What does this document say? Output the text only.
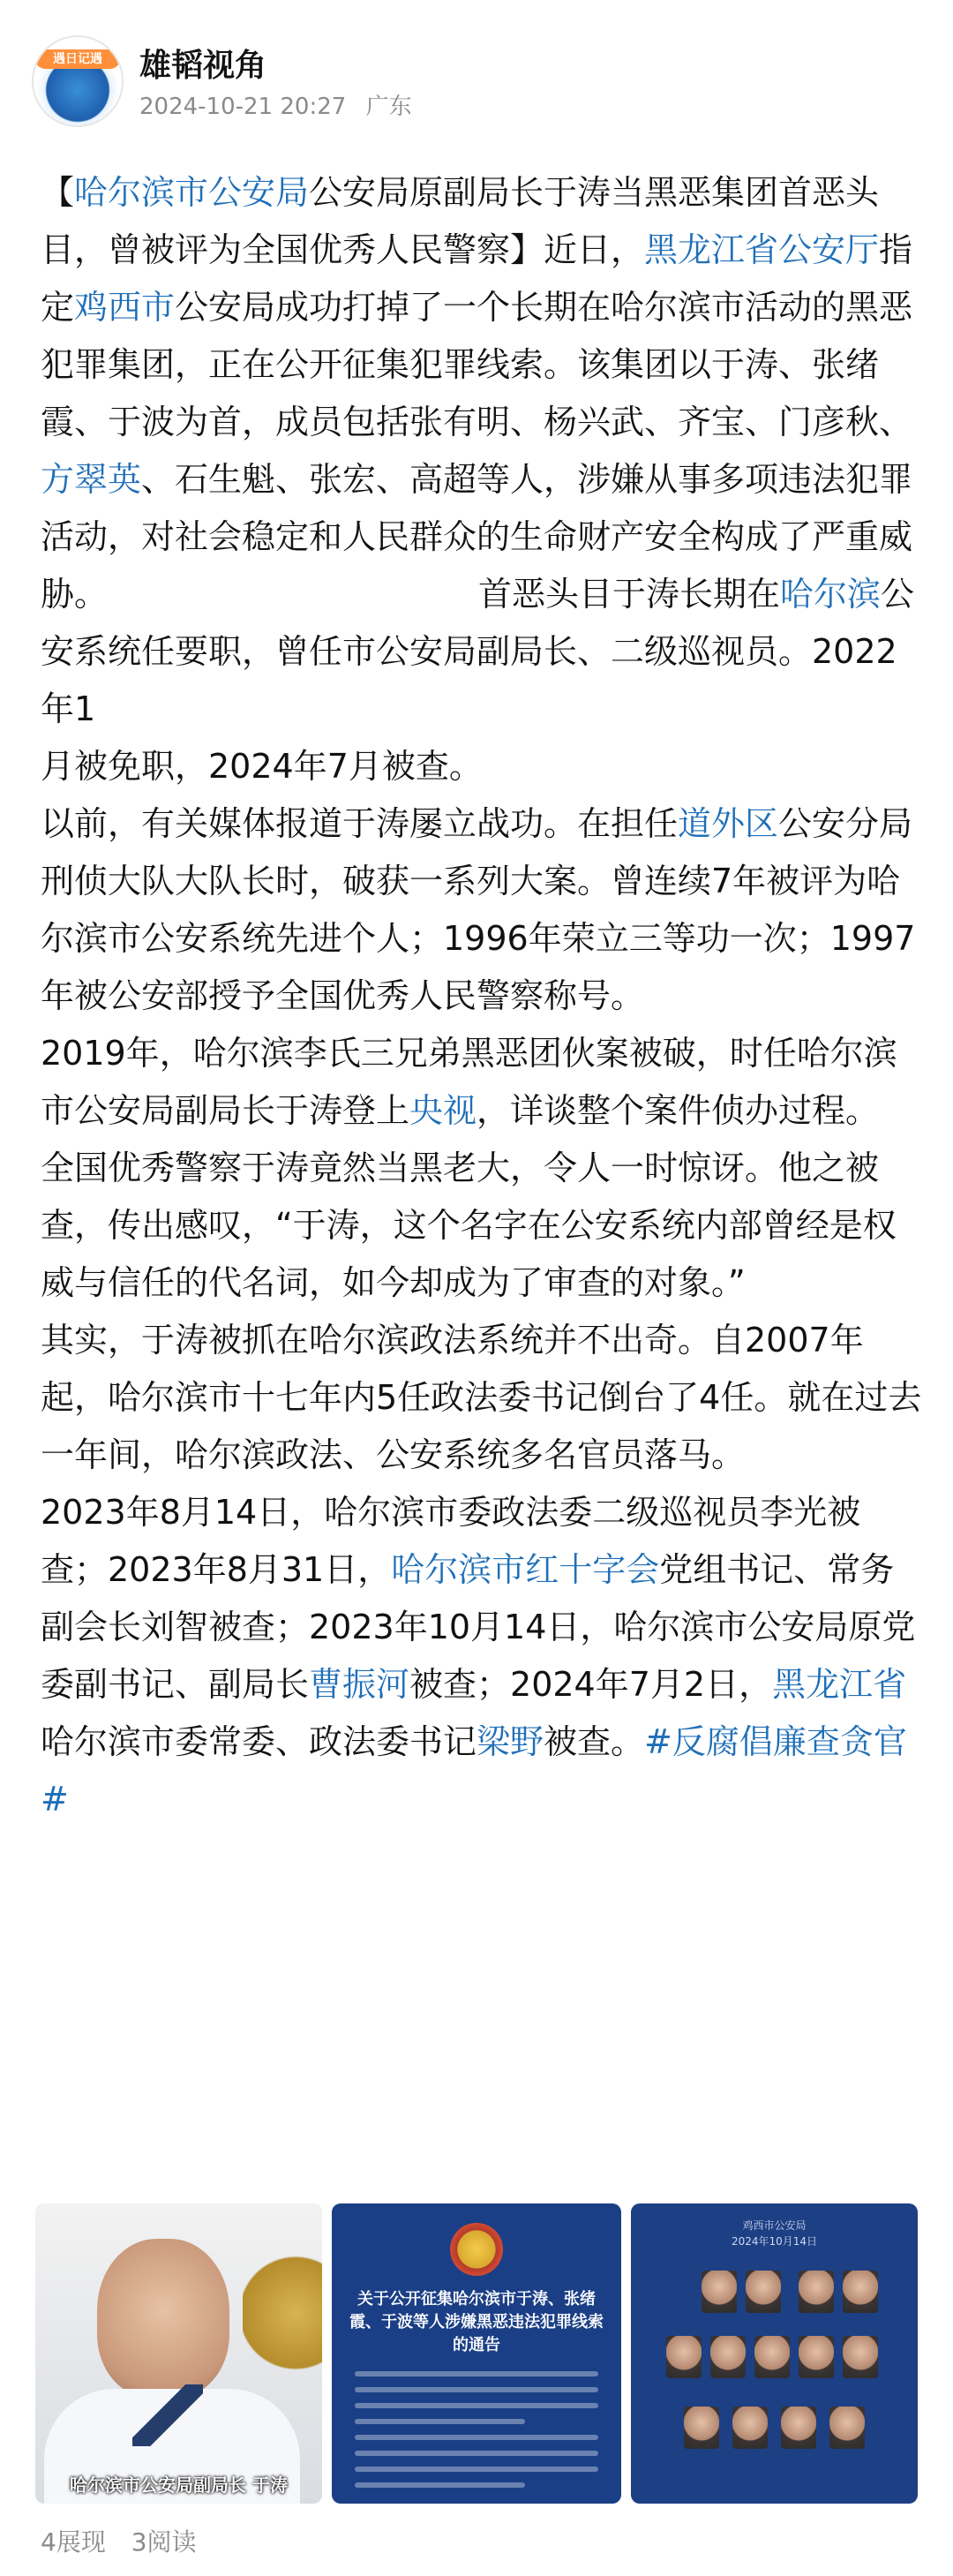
遇日记遇	雄韬视角
2024-10-21 20:27 广东

【哈尔滨市公安局公安局原副局长于涛当黑恶集团首恶头目，曾被评为全国优秀人民警察】近日，黑龙江省公安厅指定鸡西市公安局成功打掉了一个长期在哈尔滨市活动的黑恶犯罪集团，正在公开征集犯罪线索。该集团以于涛、张绪霞、于波为首，成员包括张有明、杨兴武、齐宝、门彦秋、方翠英、石生魁、张宏、高超等人，涉嫌从事多项违法犯罪活动，对社会稳定和人民群众的生命财产安全构成了严重威胁。	首恶头目于涛长期在哈尔滨公安系统任要职，曾任市公安局副局长、二级巡视员。2022年1
月被免职，2024年7月被查。

以前，有关媒体报道于涛屡立战功。在担任道外区公安分局刑侦大队大队长时，破获一系列大案。曾连续7年被评为哈尔滨市公安系统先进个人；1996年荣立三等功一次；1997年被公安部授予全国优秀人民警察称号。

2019年，哈尔滨李氏三兄弟黑恶团伙案被破，时任哈尔滨市公安局副局长于涛登上央视，详谈整个案件侦办过程。

全国优秀警察于涛竟然当黑老大，令人一时惊讶。他之被查，传出感叹，“于涛，这个名字在公安系统内部曾经是权威与信任的代名词，如今却成为了审查的对象。”

其实，于涛被抓在哈尔滨政法系统并不出奇。自2007年起，哈尔滨市十七年内5任政法委书记倒台了4任。就在过去一年间，哈尔滨政法、公安系统多名官员落马。

2023年8月14日，哈尔滨市委政法委二级巡视员李光被查；2023年8月31日，哈尔滨市红十字会党组书记、常务副会长刘智被查；2023年10月14日，哈尔滨市公安局原党委副书记、副局长曹振河被查；2024年7月2日，黑龙江省哈尔滨市委常委、政法委书记梁野被查。#反腐倡廉查贪官#

哈尔滨市公安局副局长 于涛
关于公开征集哈尔滨市于涛、张绪霞、于波等人涉嫌黑恶违法犯罪线索的通告
鸡西市公安局
2024年10月14日
4展现 3阅读
